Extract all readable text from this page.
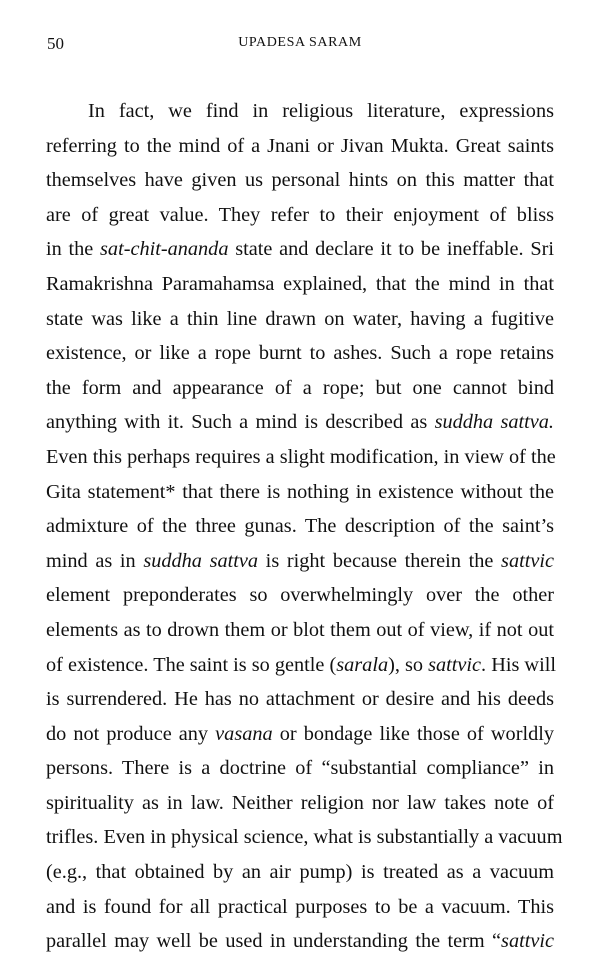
50	UPADESA SARAM
In fact, we find in religious literature, expressions
referring to the mind of a Jnani or Jivan Mukta. Great saints
themselves have given us personal hints on this matter that
are of great value. They refer to their enjoyment of bliss
in the sat-chit-ananda state and declare it to be ineffable. Sri
Ramakrishna Paramahamsa explained, that the mind in that
state was like a thin line drawn on water, having a fugitive
existence, or like a rope burnt to ashes. Such a rope retains
the form and appearance of a rope; but one cannot bind
anything with it. Such a mind is described as suddha sattva.
Even this perhaps requires a slight modification, in view of the
Gita statement* that there is nothing in existence without the
admixture of the three gunas. The description of the saint’s
mind as in suddha sattva is right because therein the sattvic
element preponderates so overwhelmingly over the other
elements as to drown them or blot them out of view, if not out
of existence. The saint is so gentle (sarala), so sattvic. His will
is surrendered. He has no attachment or desire and his deeds
do not produce any vasana or bondage like those of worldly
persons. There is a doctrine of “substantial compliance” in
spirituality as in law. Neither religion nor law takes note of
trifles. Even in physical science, what is substantially a vacuum
(e.g., that obtained by an air pump) is treated as a vacuum
and is found for all practical purposes to be a vacuum. This
parallel may well be used in understanding the term “sattvic
